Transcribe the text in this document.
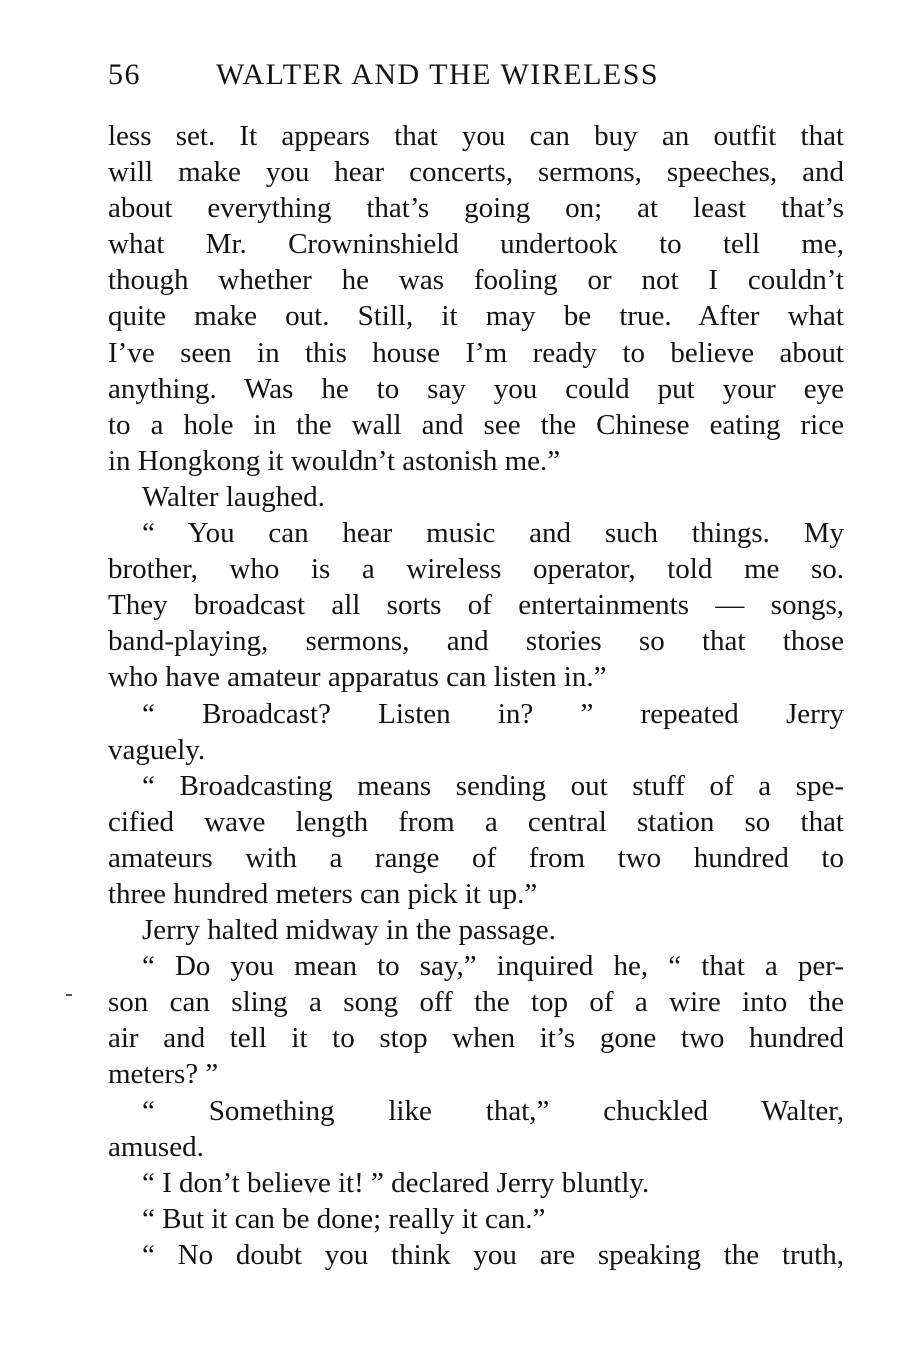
56	WALTER AND THE WIRELESS
less set. It appears that you can buy an outfit that
will make you hear concerts, sermons, speeches, and
about everything that’s going on; at least that’s
what Mr. Crowninshield undertook to tell me,
though whether he was fooling or not I couldn’t
quite make out. Still, it may be true. After what
I’ve seen in this house I’m ready to believe about
anything. Was he to say you could put your eye
to a hole in the wall and see the Chinese eating rice
in Hongkong it wouldn’t astonish me.”
Walter laughed.
“ You can hear music and such things. My
brother, who is a wireless operator, told me so.
They broadcast all sorts of entertainments — songs,
band-playing, sermons, and stories so that those
who have amateur apparatus can listen in.”
“ Broadcast? Listen in? ” repeated Jerry
vaguely.
“ Broadcasting means sending out stuff of a spe-
cified wave length from a central station so that
amateurs with a range of from two hundred to
three hundred meters can pick it up.”
Jerry halted midway in the passage.
“ Do you mean to say,” inquired he, “ that a per-
son can sling a song off the top of a wire into the
air and tell it to stop when it’s gone two hundred
meters? ”
“ Something like that,” chuckled Walter,
amused.
“ I don’t believe it! ” declared Jerry bluntly.
“ But it can be done; really it can.”
“ No doubt you think you are speaking the truth,
